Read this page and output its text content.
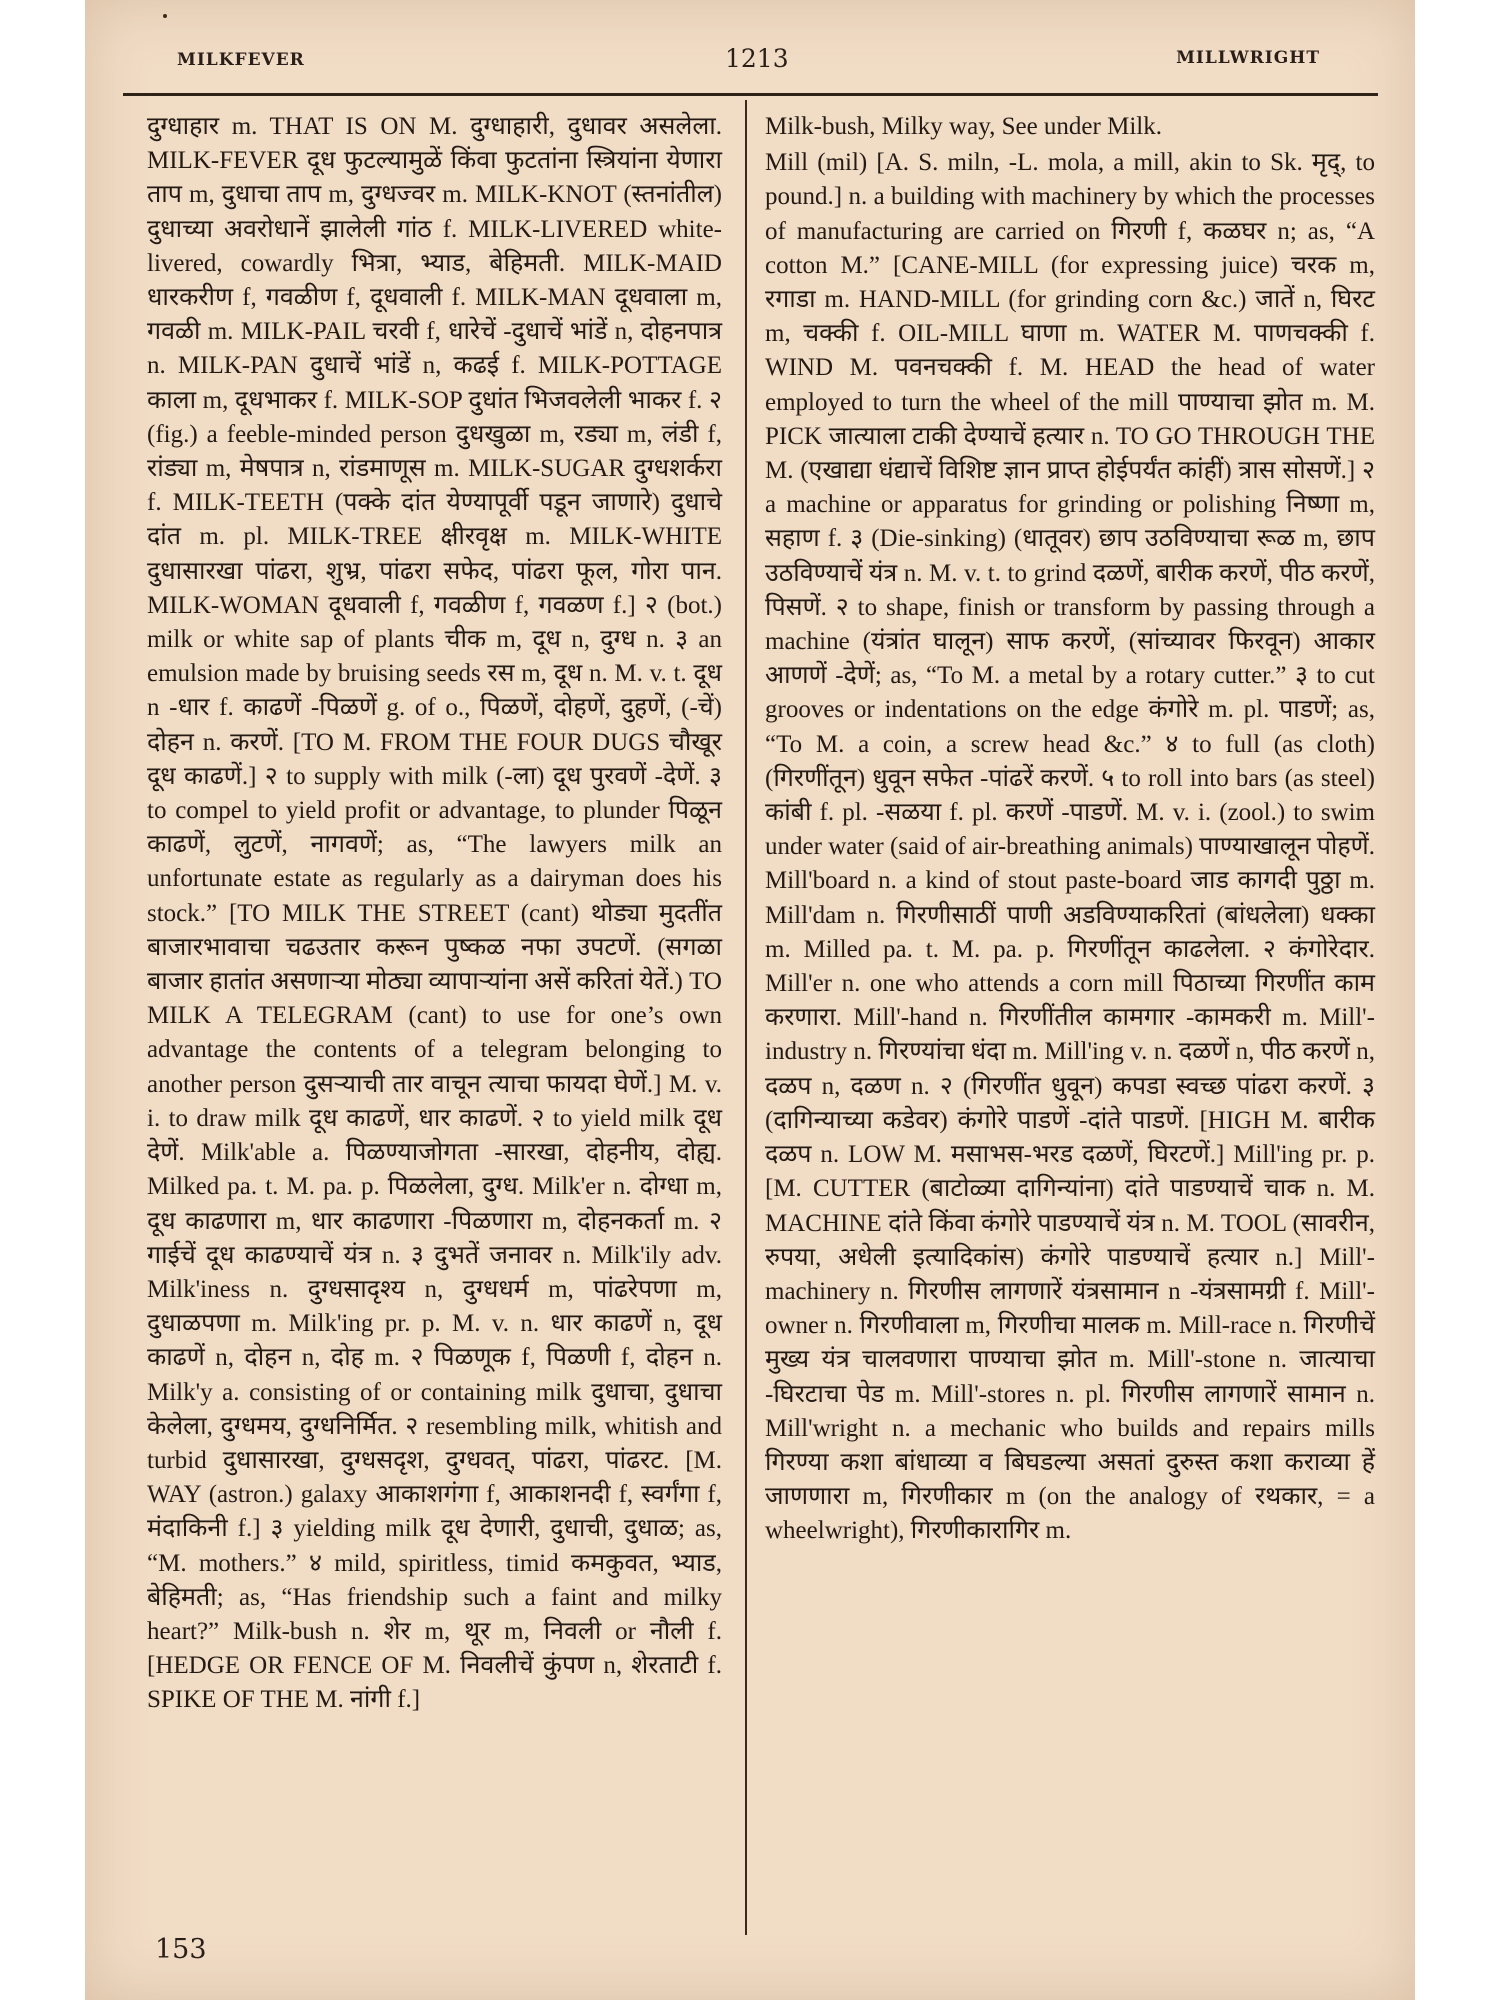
MILKFEVER	1213	MILLWRIGHT

दुग्धाहार m. THAT IS ON M. दुग्धाहारी, दुधावर असलेला. MILK-FEVER दूध फुटल्यामुळें किंवा फुटतांना स्त्रियांना येणारा ताप m, दुधाचा ताप m, दुग्धज्वर m. MILK-KNOT (स्तनांतील) दुधाच्या अवरोधानें झालेली गांठ f. MILK-LIVERED white-livered, cowardly भित्रा, भ्याड, बेहिमती. MILK-MAID धारकरीण f, गवळीण f, दूधवाली f. MILK-MAN दूधवाला m, गवळी m. MILK-PAIL चरवी f, धारेचें -दुधाचें भांडें n, दोहनपात्र n. MILK-PAN दुधाचें भांडें n, कढई f. MILK-POTTAGE काला m, दूधभाकर f. MILK-SOP दुधांत भिजवलेली भाकर f. २ (fig.) a feeble-minded person दुधखुळा m, रड्या m, लंडी f, रांड्या m, मेषपात्र n, रांडमाणूस m. MILK-SUGAR दुग्धशर्करा f. MILK-TEETH (पक्के दांत येण्यापूर्वी पडून जाणारे) दुधाचे दांत m. pl. MILK-TREE क्षीरवृक्ष m. MILK-WHITE दुधासारखा पांढरा, शुभ्र, पांढरा सफेद, पांढरा फूल, गोरा पान. MILK-WOMAN दूधवाली f, गवळीण f, गवळण f.] २ (bot.) milk or white sap of plants चीक m, दूध n, दुग्ध n. ३ an emulsion made by bruising seeds रस m, दूध n. M. v. t. दूध n -धार f. काढणें -पिळणें g. of o., पिळणें, दोहणें, दुहणें, (-चें) दोहन n. करणें. [TO M. FROM THE FOUR DUGS चौखूर दूध काढणें.] २ to supply with milk (-ला) दूध पुरवणें -देणें. ३ to compel to yield profit or advantage, to plunder पिळून काढणें, लुटणें, नागवणें; as, “The lawyers milk an unfortunate estate as regularly as a dairyman does his stock.” [TO MILK THE STREET (cant) थोड्या मुदतींत बाजारभावाचा चढउतार करून पुष्कळ नफा उपटणें. (सगळा बाजार हातांत असणाऱ्या मोठ्या व्यापाऱ्यांना असें करितां येतें.) TO MILK A TELEGRAM (cant) to use for one’s own advantage the contents of a telegram belonging to another person दुसऱ्याची तार वाचून त्याचा फायदा घेणें.] M. v. i. to draw milk दूध काढणें, धार काढणें. २ to yield milk दूध देणें. Milk'able a. पिळण्याजोगता -सारखा, दोहनीय, दोह्य. Milked pa. t. M. pa. p. पिळलेला, दुग्ध. Milk'er n. दोग्धा m, दूध काढणारा m, धार काढणारा -पिळणारा m, दोहनकर्ता m. २ गाईचें दूध काढण्याचें यंत्र n. ३ दुभतें जनावर n. Milk'ily adv. Milk'iness n. दुग्धसादृश्य n, दुग्धधर्म m, पांढरेपणा m, दुधाळपणा m. Milk'ing pr. p. M. v. n. धार काढणें n, दूध काढणें n, दोहन n, दोह m. २ पिळणूक f, पिळणी f, दोहन n. Milk'y a. consisting of or containing milk दुधाचा, दुधाचा केलेला, दुग्धमय, दुग्धनिर्मित. २ resembling milk, whitish and turbid दुधासारखा, दुग्धसदृश, दुग्धवत्, पांढरा, पांढरट. [M. WAY (astron.) galaxy आकाशगंगा f, आकाशनदी f, स्वर्गंगा f, मंदाकिनी f.] ३ yielding milk दूध देणारी, दुधाची, दुधाळ; as, “M. mothers.” ४ mild, spiritless, timid कमकुवत, भ्याड, बेहिमती; as, “Has friendship such a faint and milky heart?” Milk-bush n. शेर m, थूर m, निवली or नौली f. [HEDGE OR FENCE OF M. निवलीचें कुंपण n, शेरताटी f. SPIKE OF THE M. नांगी f.]

Milk-bush, Milky way, See under Milk.

Mill (mil) [A. S. miln, -L. mola, a mill, akin to Sk. मृद्, to pound.] n. a building with machinery by which the processes of manufacturing are carried on गिरणी f, कळघर n; as, “A cotton M.” [CANE-MILL (for expressing juice) चरक m, रगाडा m. HAND-MILL (for grinding corn &c.) जातें n, घिरट m, चक्की f. OIL-MILL घाणा m. WATER M. पाणचक्की f. WIND M. पवनचक्की f. M. HEAD the head of water employed to turn the wheel of the mill पाण्याचा झोत m. M. PICK जात्याला टाकी देण्याचें हत्यार n. TO GO THROUGH THE M. (एखाद्या धंद्याचें विशिष्ट ज्ञान प्राप्त होईपर्यंत कांहीं) त्रास सोसणें.] २ a machine or apparatus for grinding or polishing निष्णा m, सहाण f. ३ (Die-sinking) (धातूवर) छाप उठविण्याचा रूळ m, छाप उठविण्याचें यंत्र n. M. v. t. to grind दळणें, बारीक करणें, पीठ करणें, पिसणें. २ to shape, finish or transform by passing through a machine (यंत्रांत घालून) साफ करणें, (सांच्यावर फिरवून) आकार आणणें -देणें; as, “To M. a metal by a rotary cutter.” ३ to cut grooves or indentations on the edge कंगोरे m. pl. पाडणें; as, “To M. a coin, a screw head &c.” ४ to full (as cloth) (गिरणींतून) धुवून सफेत -पांढरें करणें. ५ to roll into bars (as steel) कांबी f. pl. -सळया f. pl. करणें -पाडणें. M. v. i. (zool.) to swim under water (said of air-breathing animals) पाण्याखालून पोहणें. Mill'board n. a kind of stout paste-board जाड कागदी पुठ्ठा m. Mill'dam n. गिरणीसाठीं पाणी अडविण्याकरितां (बांधलेला) धक्का m. Milled pa. t. M. pa. p. गिरणींतून काढलेला. २ कंगोरेदार. Mill'er n. one who attends a corn mill पिठाच्या गिरणींत काम करणारा. Mill'-hand n. गिरणींतील कामगार -कामकरी m. Mill'-industry n. गिरण्यांचा धंदा m. Mill'ing v. n. दळणें n, पीठ करणें n, दळप n, दळण n. २ (गिरणींत धुवून) कपडा स्वच्छ पांढरा करणें. ३ (दागिन्याच्या कडेवर) कंगोरे पाडणें -दांते पाडणें. [HIGH M. बारीक दळप n. LOW M. मसाभस-भरड दळणें, घिरटणें.] Mill'ing pr. p. [M. CUTTER (बाटोळ्या दागिन्यांना) दांते पाडण्याचें चाक n. M. MACHINE दांते किंवा कंगोरे पाडण्याचें यंत्र n. M. TOOL (सावरीन, रुपया, अधेली इत्यादिकांस) कंगोरे पाडण्याचें हत्यार n.] Mill'-machinery n. गिरणीस लागणारें यंत्रसामान n -यंत्रसामग्री f. Mill'-owner n. गिरणीवाला m, गिरणीचा मालक m. Mill-race n. गिरणीचें मुख्य यंत्र चालवणारा पाण्याचा झोत m. Mill'-stone n. जात्याचा -घिरटाचा पेड m. Mill'-stores n. pl. गिरणीस लागणारें सामान n. Mill'wright n. a mechanic who builds and repairs mills गिरण्या कशा बांधाव्या व बिघडल्या असतां दुरुस्त कशा कराव्या हें जाणणारा m, गिरणीकार m (on the analogy of रथकार, = a wheelwright), गिरणीकारागिर m.

153
